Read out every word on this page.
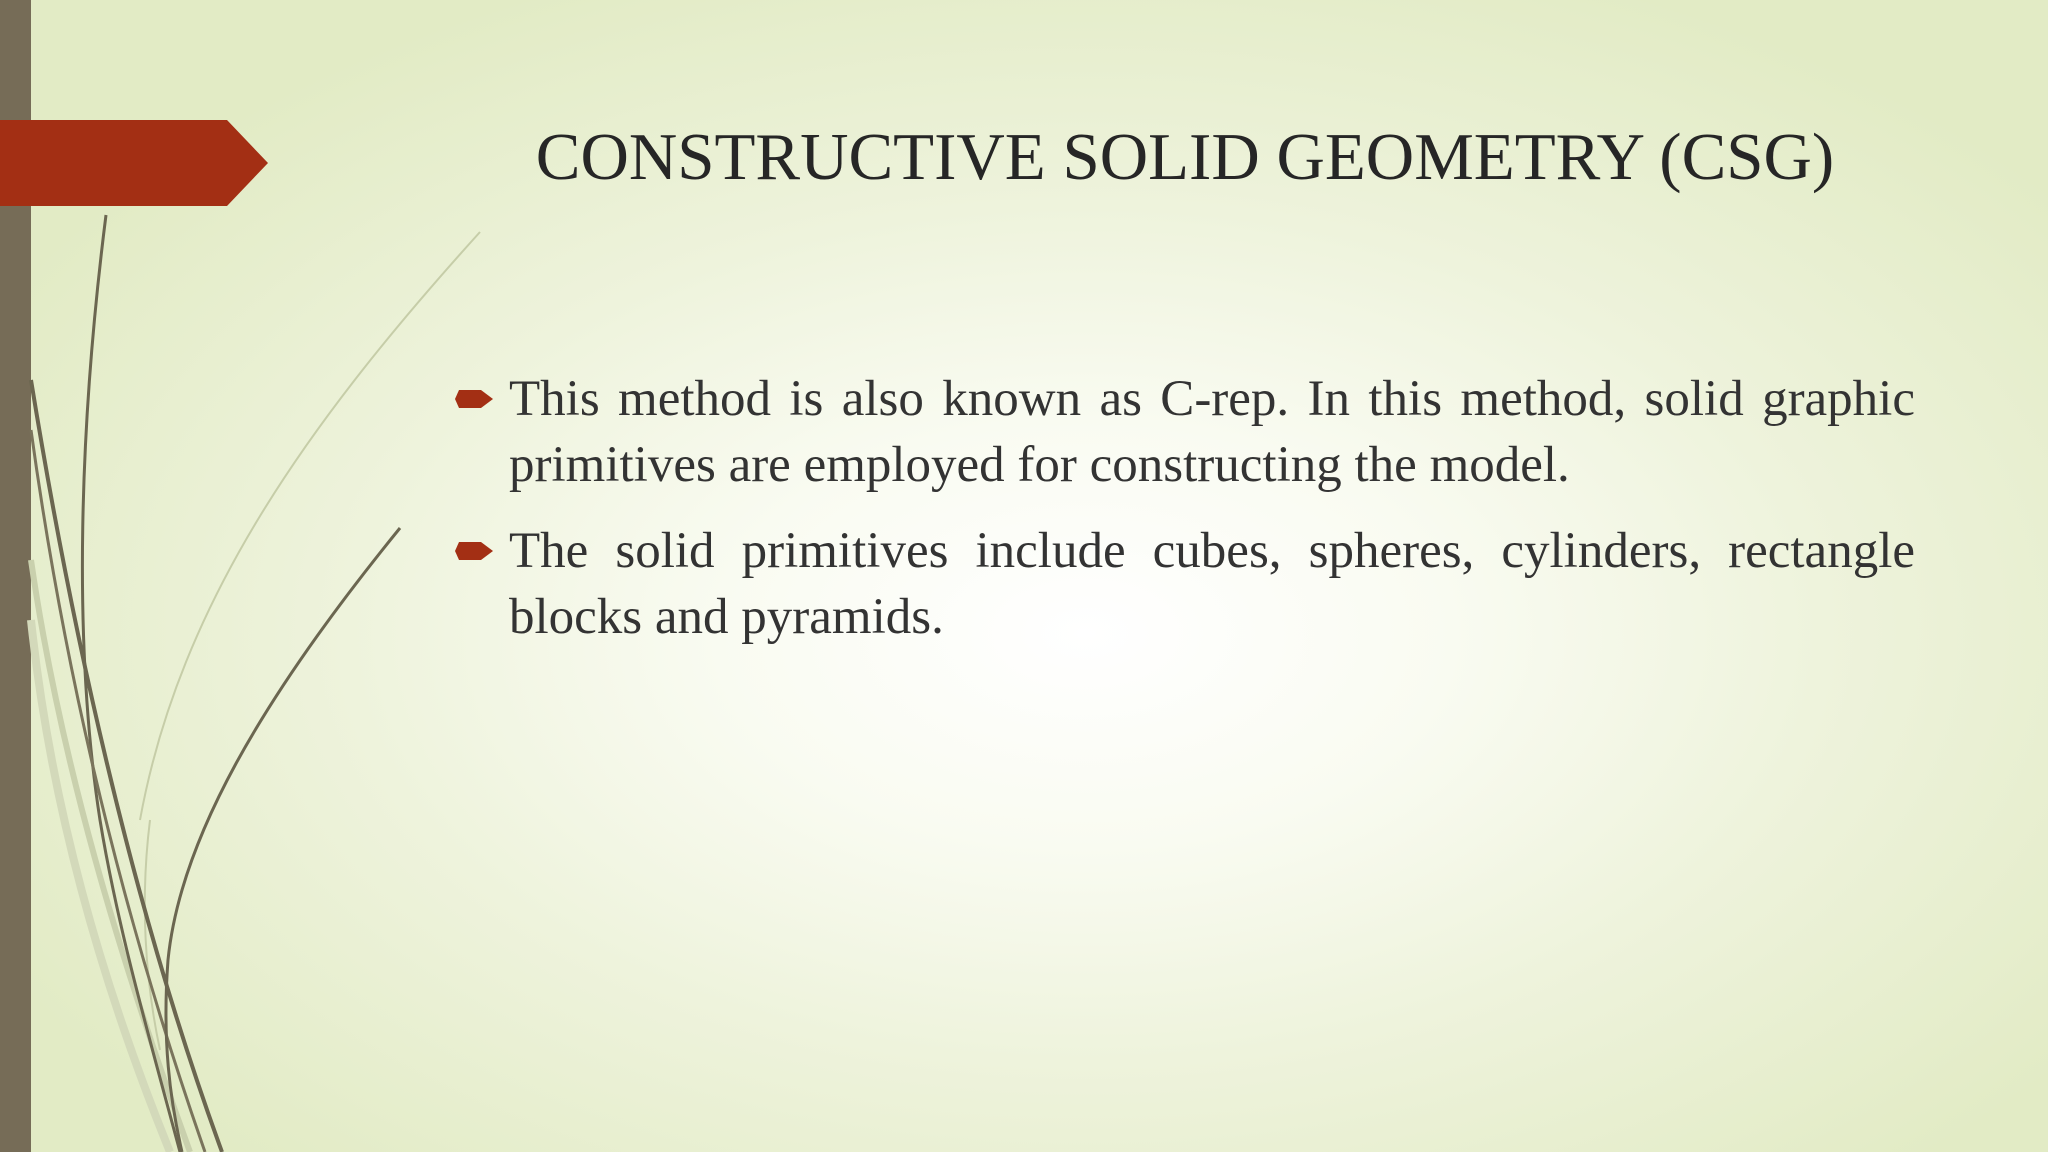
CONSTRUCTIVE SOLID GEOMETRY (CSG)
This method is also known as C-rep. In this method, solid graphic primitives are employed for constructing the model.
The solid primitives include cubes, spheres, cylinders, rectangle blocks and pyramids.
